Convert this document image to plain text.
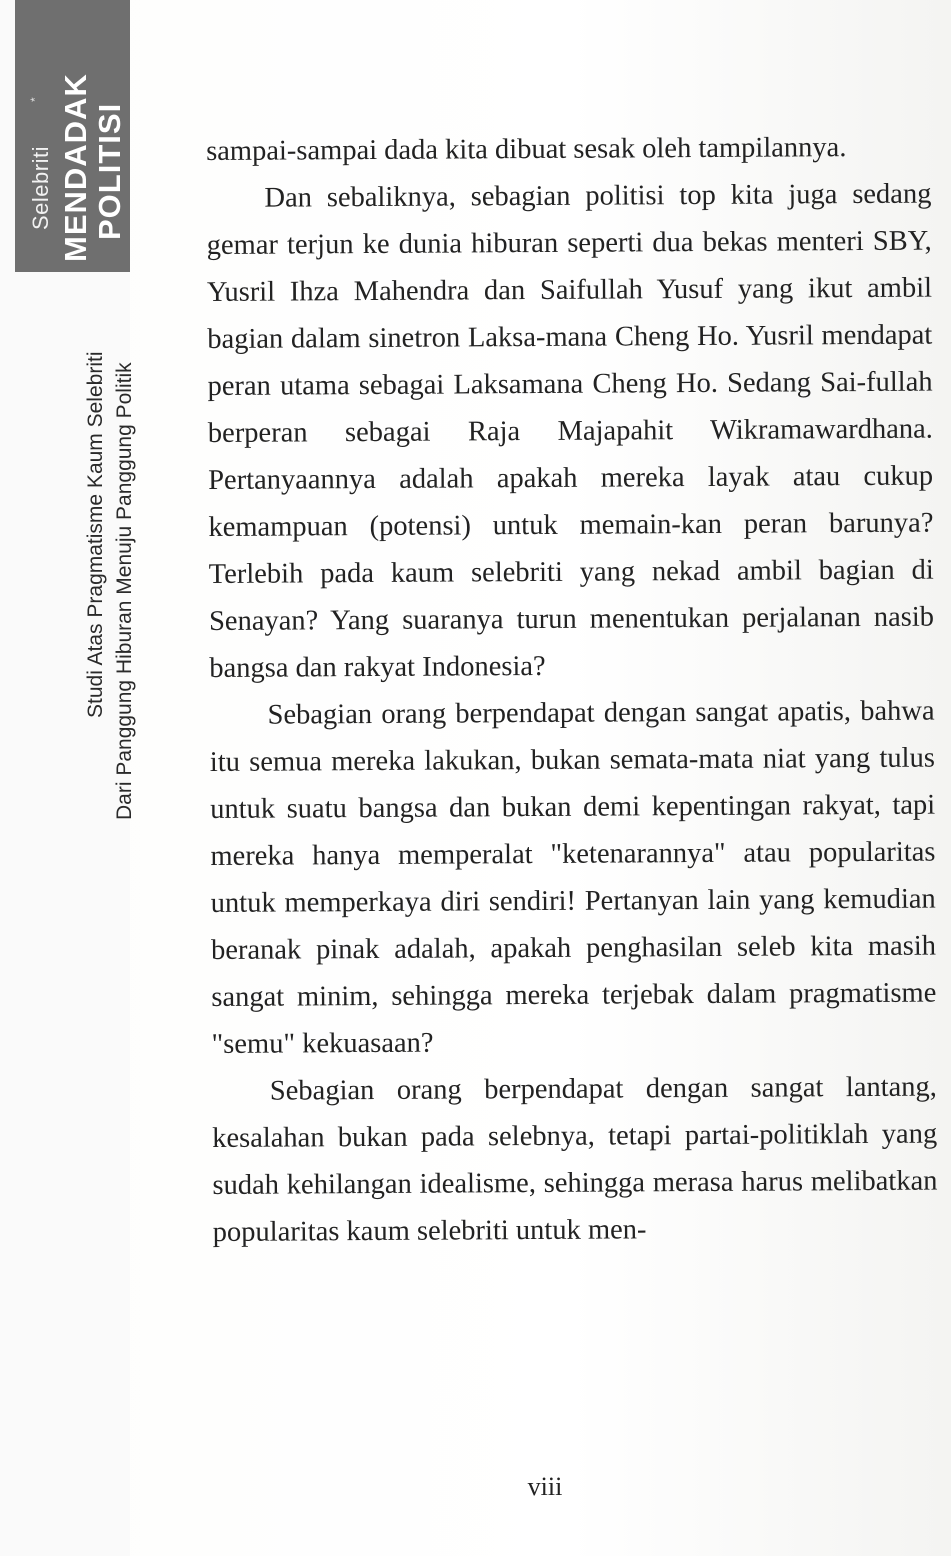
*
Selebriti MENDADAK POLITISI
Studi Atas Pragmatisme Kaum Selebriti Dari Panggung Hiburan Menuju Panggung Politik

sampai-sampai dada kita dibuat sesak oleh tampilannya.

Dan sebaliknya, sebagian politisi top kita juga sedang gemar terjun ke dunia hiburan seperti dua bekas menteri SBY, Yusril Ihza Mahendra dan Saifullah Yusuf yang ikut ambil bagian dalam sinetron Laksa-mana Cheng Ho. Yusril mendapat peran utama sebagai Laksamana Cheng Ho. Sedang Sai-fullah berperan sebagai Raja Majapahit Wikramawardhana. Pertanyaannya adalah apakah mereka layak atau cukup kemampuan (potensi) untuk memain-kan peran barunya? Terlebih pada kaum selebriti yang nekad ambil bagian di Senayan? Yang suaranya turun menentukan perjalanan nasib bangsa dan rakyat Indonesia?

Sebagian orang berpendapat dengan sangat apatis, bahwa itu semua mereka lakukan, bukan semata-mata niat yang tulus untuk suatu bangsa dan bukan demi kepentingan rakyat, tapi mereka hanya memperalat "ketenarannya" atau popularitas untuk memperkaya diri sendiri! Pertanyan lain yang kemudian beranak pinak adalah, apakah penghasilan seleb kita masih sangat minim, sehingga mereka terjebak dalam pragmatisme "semu" kekuasaan?

Sebagian orang berpendapat dengan sangat lantang, kesalahan bukan pada selebnya, tetapi partai-politiklah yang sudah kehilangan idealisme, sehingga merasa harus melibatkan popularitas kaum selebriti untuk men-

viii
